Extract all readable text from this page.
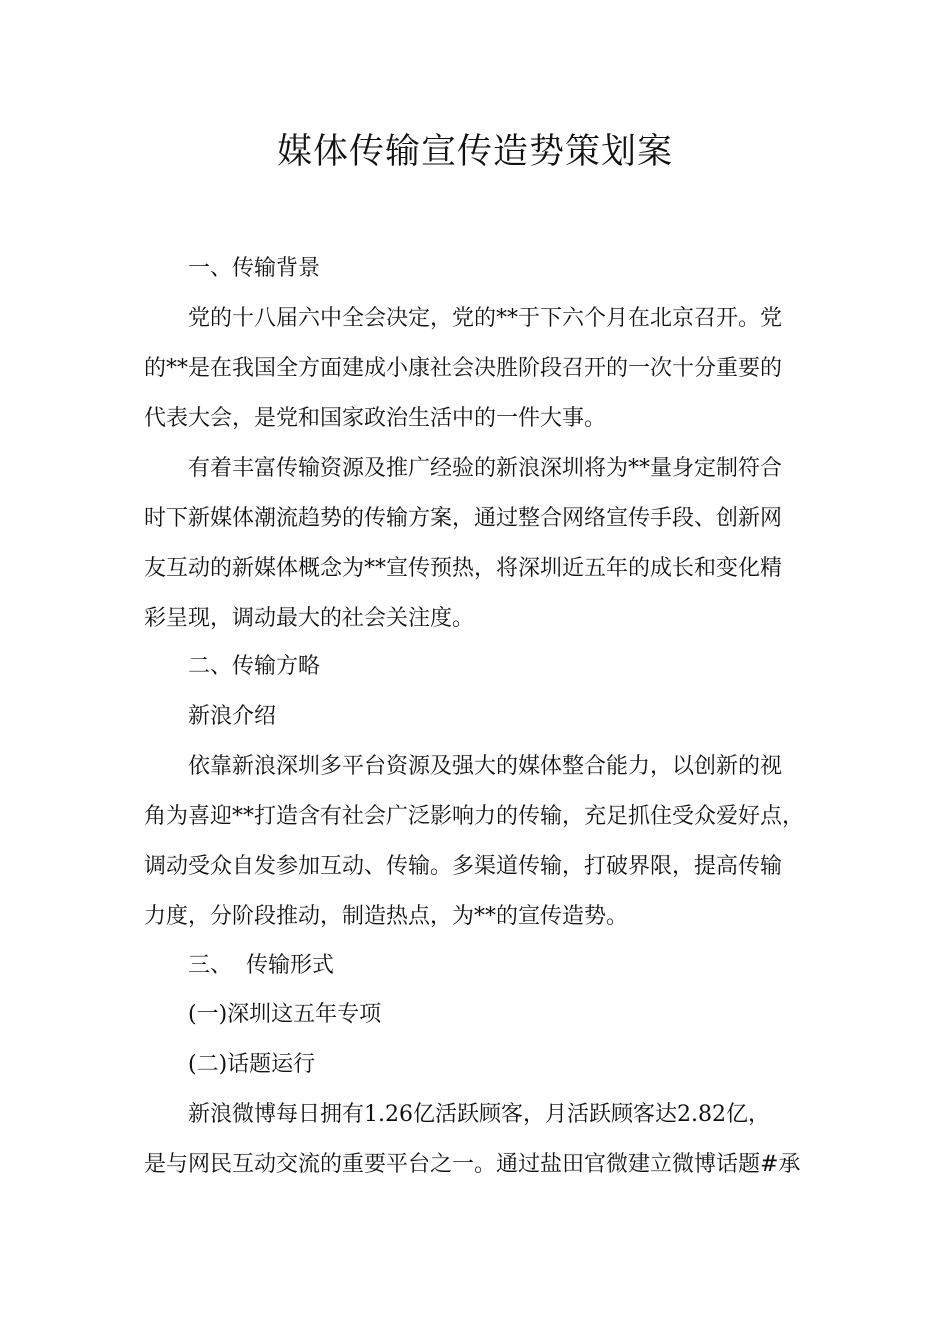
媒体传输宣传造势策划案
一、传输背景
党的十八届六中全会决定，党的**于下六个月在北京召开。党
的**是在我国全方面建成小康社会决胜阶段召开的一次十分重要的
代表大会，是党和国家政治生活中的一件大事。
有着丰富传输资源及推广经验的新浪深圳将为**量身定制符合
时下新媒体潮流趋势的传输方案，通过整合网络宣传手段、创新网
友互动的新媒体概念为**宣传预热，将深圳近五年的成长和变化精
彩呈现，调动最大的社会关注度。
二、传输方略
新浪介绍
依靠新浪深圳多平台资源及强大的媒体整合能力，以创新的视
角为喜迎**打造含有社会广泛影响力的传输，充足抓住受众爱好点，
调动受众自发参加互动、传输。多渠道传输，打破界限，提高传输
力度，分阶段推动，制造热点，为**的宣传造势。
三、  传输形式
(一)深圳这五年专项
(二)话题运行
新浪微博每日拥有1.26亿活跃顾客，月活跃顾客达2.82亿，
是与网民互动交流的重要平台之一。通过盐田官微建立微博话题#承
